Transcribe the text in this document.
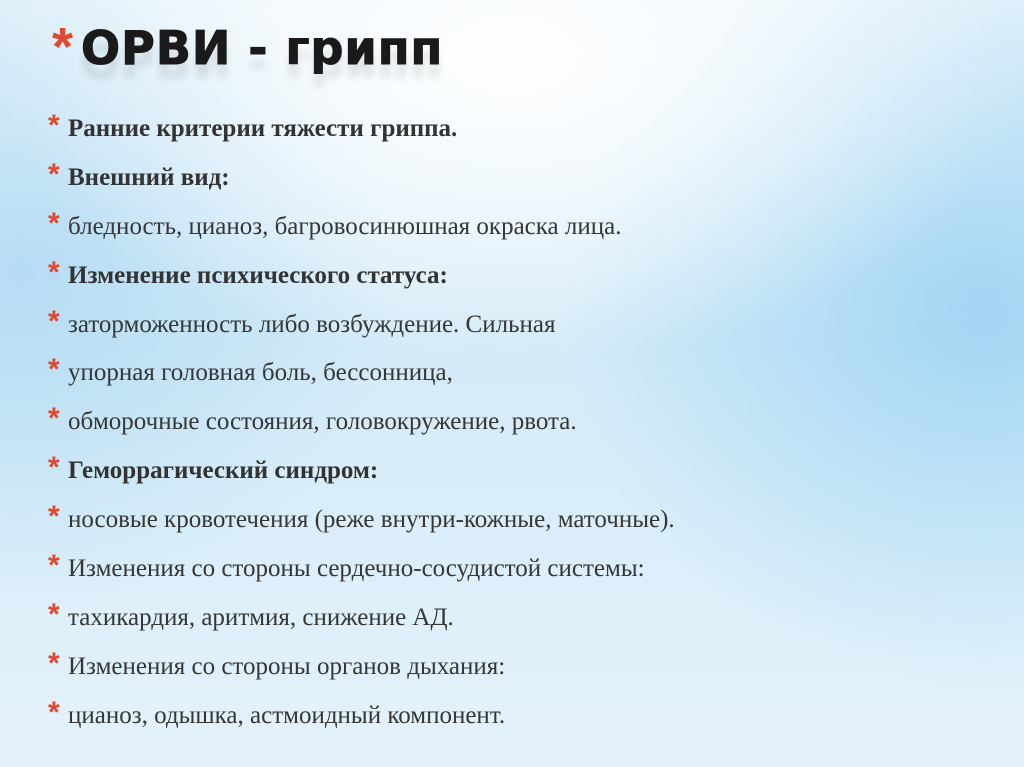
* ОРВИ - грипп
* Ранние критерии тяжести гриппа.
* Внешний вид:
* бледность, цианоз, багровосинюшная окраска лица.
* Изменение психического статуса:
* заторможенность либо возбуждение. Сильная
* упорная головная боль, бессонница,
* обморочные состояния, головокружение, рвота.
* Геморрагический синдром:
* носовые кровотечения (реже внутри-кожные, маточные).
* Изменения со стороны сердечно-сосудистой системы:
* тахикардия, аритмия, снижение АД.
* Изменения со стороны органов дыхания:
* цианоз, одышка, астмоидный компонент.
